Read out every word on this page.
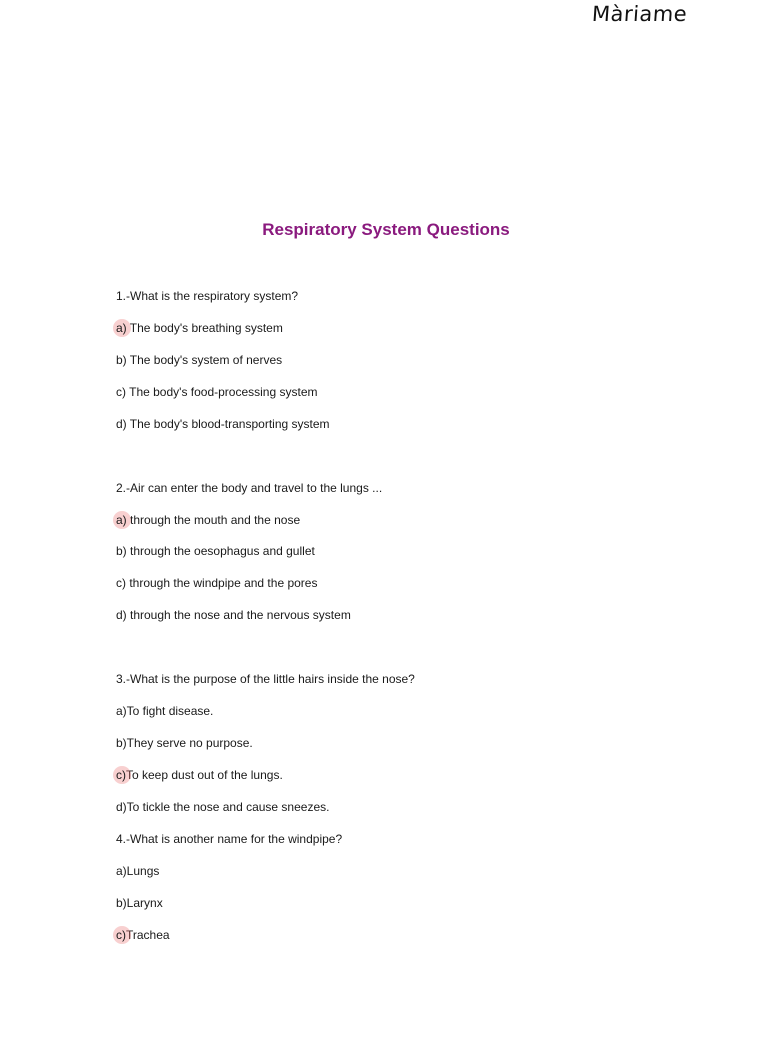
Màriame
Respiratory System Questions
1.-What is the respiratory system?
a) The body's breathing system
b) The body's system of nerves
c) The body's food-processing system
d) The body's blood-transporting system
2.-Air can enter the body and travel to the lungs ...
a) through the mouth and the nose
b) through the oesophagus and gullet
c) through the windpipe and the pores
d) through the nose and the nervous system
3.-What is the purpose of the little hairs inside the nose?
a)To fight disease.
b)They serve no purpose.
c)To keep dust out of the lungs.
d)To tickle the nose and cause sneezes.
4.-What is another name for the windpipe?
a)Lungs
b)Larynx
c)Trachea
